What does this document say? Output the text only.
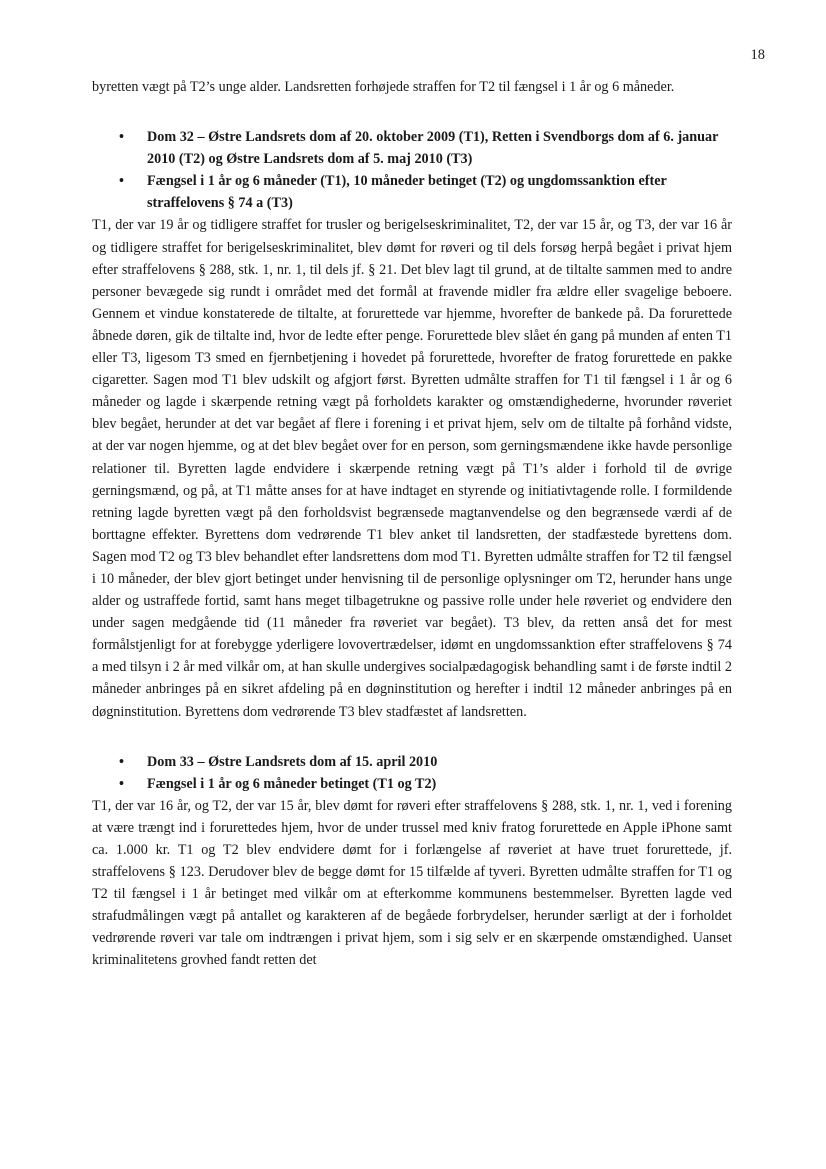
18

byretten vægt på T2’s unge alder. Landsretten forhøjede straffen for T2 til fængsel i 1 år og 6 måneder.

• Dom 32 – Østre Landsrets dom af 20. oktober 2009 (T1), Retten i Svendborgs dom af 6. januar 2010 (T2) og Østre Landsrets dom af 5. maj 2010 (T3)
• Fængsel i 1 år og 6 måneder (T1), 10 måneder betinget (T2) og ungdomssanktion efter straffelovens § 74 a (T3)

T1, der var 19 år og tidligere straffet for trusler og berigelseskriminalitet, T2, der var 15 år, og T3, der var 16 år og tidligere straffet for berigelseskriminalitet, blev dømt for røveri og til dels forsøg herpå begået i privat hjem efter straffelovens § 288, stk. 1, nr. 1, til dels jf. § 21. Det blev lagt til grund, at de tiltalte sammen med to andre personer bevægede sig rundt i området med det formål at fravende midler fra ældre eller svagelige beboere. Gennem et vindue konstaterede de tiltalte, at forurettede var hjemme, hvorefter de bankede på. Da forurettede åbnede døren, gik de tiltalte ind, hvor de ledte efter penge. Forurettede blev slået én gang på munden af enten T1 eller T3, ligesom T3 smed en fjernbetjening i hovedet på forurettede, hvorefter de fratog forurettede en pakke cigaretter. Sagen mod T1 blev udskilt og afgjort først. Byretten udmålte straffen for T1 til fængsel i 1 år og 6 måneder og lagde i skærpende retning vægt på forholdets karakter og omstændighederne, hvorunder røveriet blev begået, herunder at det var begået af flere i forening i et privat hjem, selv om de tiltalte på forhånd vidste, at der var nogen hjemme, og at det blev begået over for en person, som gerningsmændene ikke havde personlige relationer til. Byretten lagde endvidere i skærpende retning vægt på T1’s alder i forhold til de øvrige gerningsmænd, og på, at T1 måtte anses for at have indtaget en styrende og initiativtagende rolle. I formildende retning lagde byretten vægt på den forholdsvist begrænsede magtanvendelse og den begrænsede værdi af de borttagne effekter. Byrettens dom vedrørende T1 blev anket til landsretten, der stadfæstede byrettens dom. Sagen mod T2 og T3 blev behandlet efter landsrettens dom mod T1. Byretten udmålte straffen for T2 til fængsel i 10 måneder, der blev gjort betinget under henvisning til de personlige oplysninger om T2, herunder hans unge alder og ustraffede fortid, samt hans meget tilbagetrukne og passive rolle under hele røveriet og endvidere den under sagen medgående tid (11 måneder fra røveriet var begået). T3 blev, da retten anså det for mest formålstjenligt for at forebygge yderligere lovovertrædelser, idømt en ungdomssanktion efter straffelovens § 74 a med tilsyn i 2 år med vilkår om, at han skulle undergives socialpædagogisk behandling samt i de første indtil 2 måneder anbringes på en sikret afdeling på en døgninstitution og herefter i indtil 12 måneder anbringes på en døgninstitution. Byrettens dom vedrørende T3 blev stadfæstet af landsretten.

• Dom 33 – Østre Landsrets dom af 15. april 2010
• Fængsel i 1 år og 6 måneder betinget (T1 og T2)

T1, der var 16 år, og T2, der var 15 år, blev dømt for røveri efter straffelovens § 288, stk. 1, nr. 1, ved i forening at være trængt ind i forurettedes hjem, hvor de under trussel med kniv fratog forurettede en Apple iPhone samt ca. 1.000 kr. T1 og T2 blev endvidere dømt for i forlængelse af røveriet at have truet forurettede, jf. straffelovens § 123. Derudover blev de begge dømt for 15 tilfælde af tyveri. Byretten udmålte straffen for T1 og T2 til fængsel i 1 år betinget med vilkår om at efterkomme kommunens bestemmelser. Byretten lagde ved strafudmålingen vægt på antallet og karakteren af de begåede forbrydelser, herunder særligt at der i forholdet vedrørende røveri var tale om indtrængen i privat hjem, som i sig selv er en skærpende omstændighed. Uanset kriminalitetens grovhed fandt retten det
